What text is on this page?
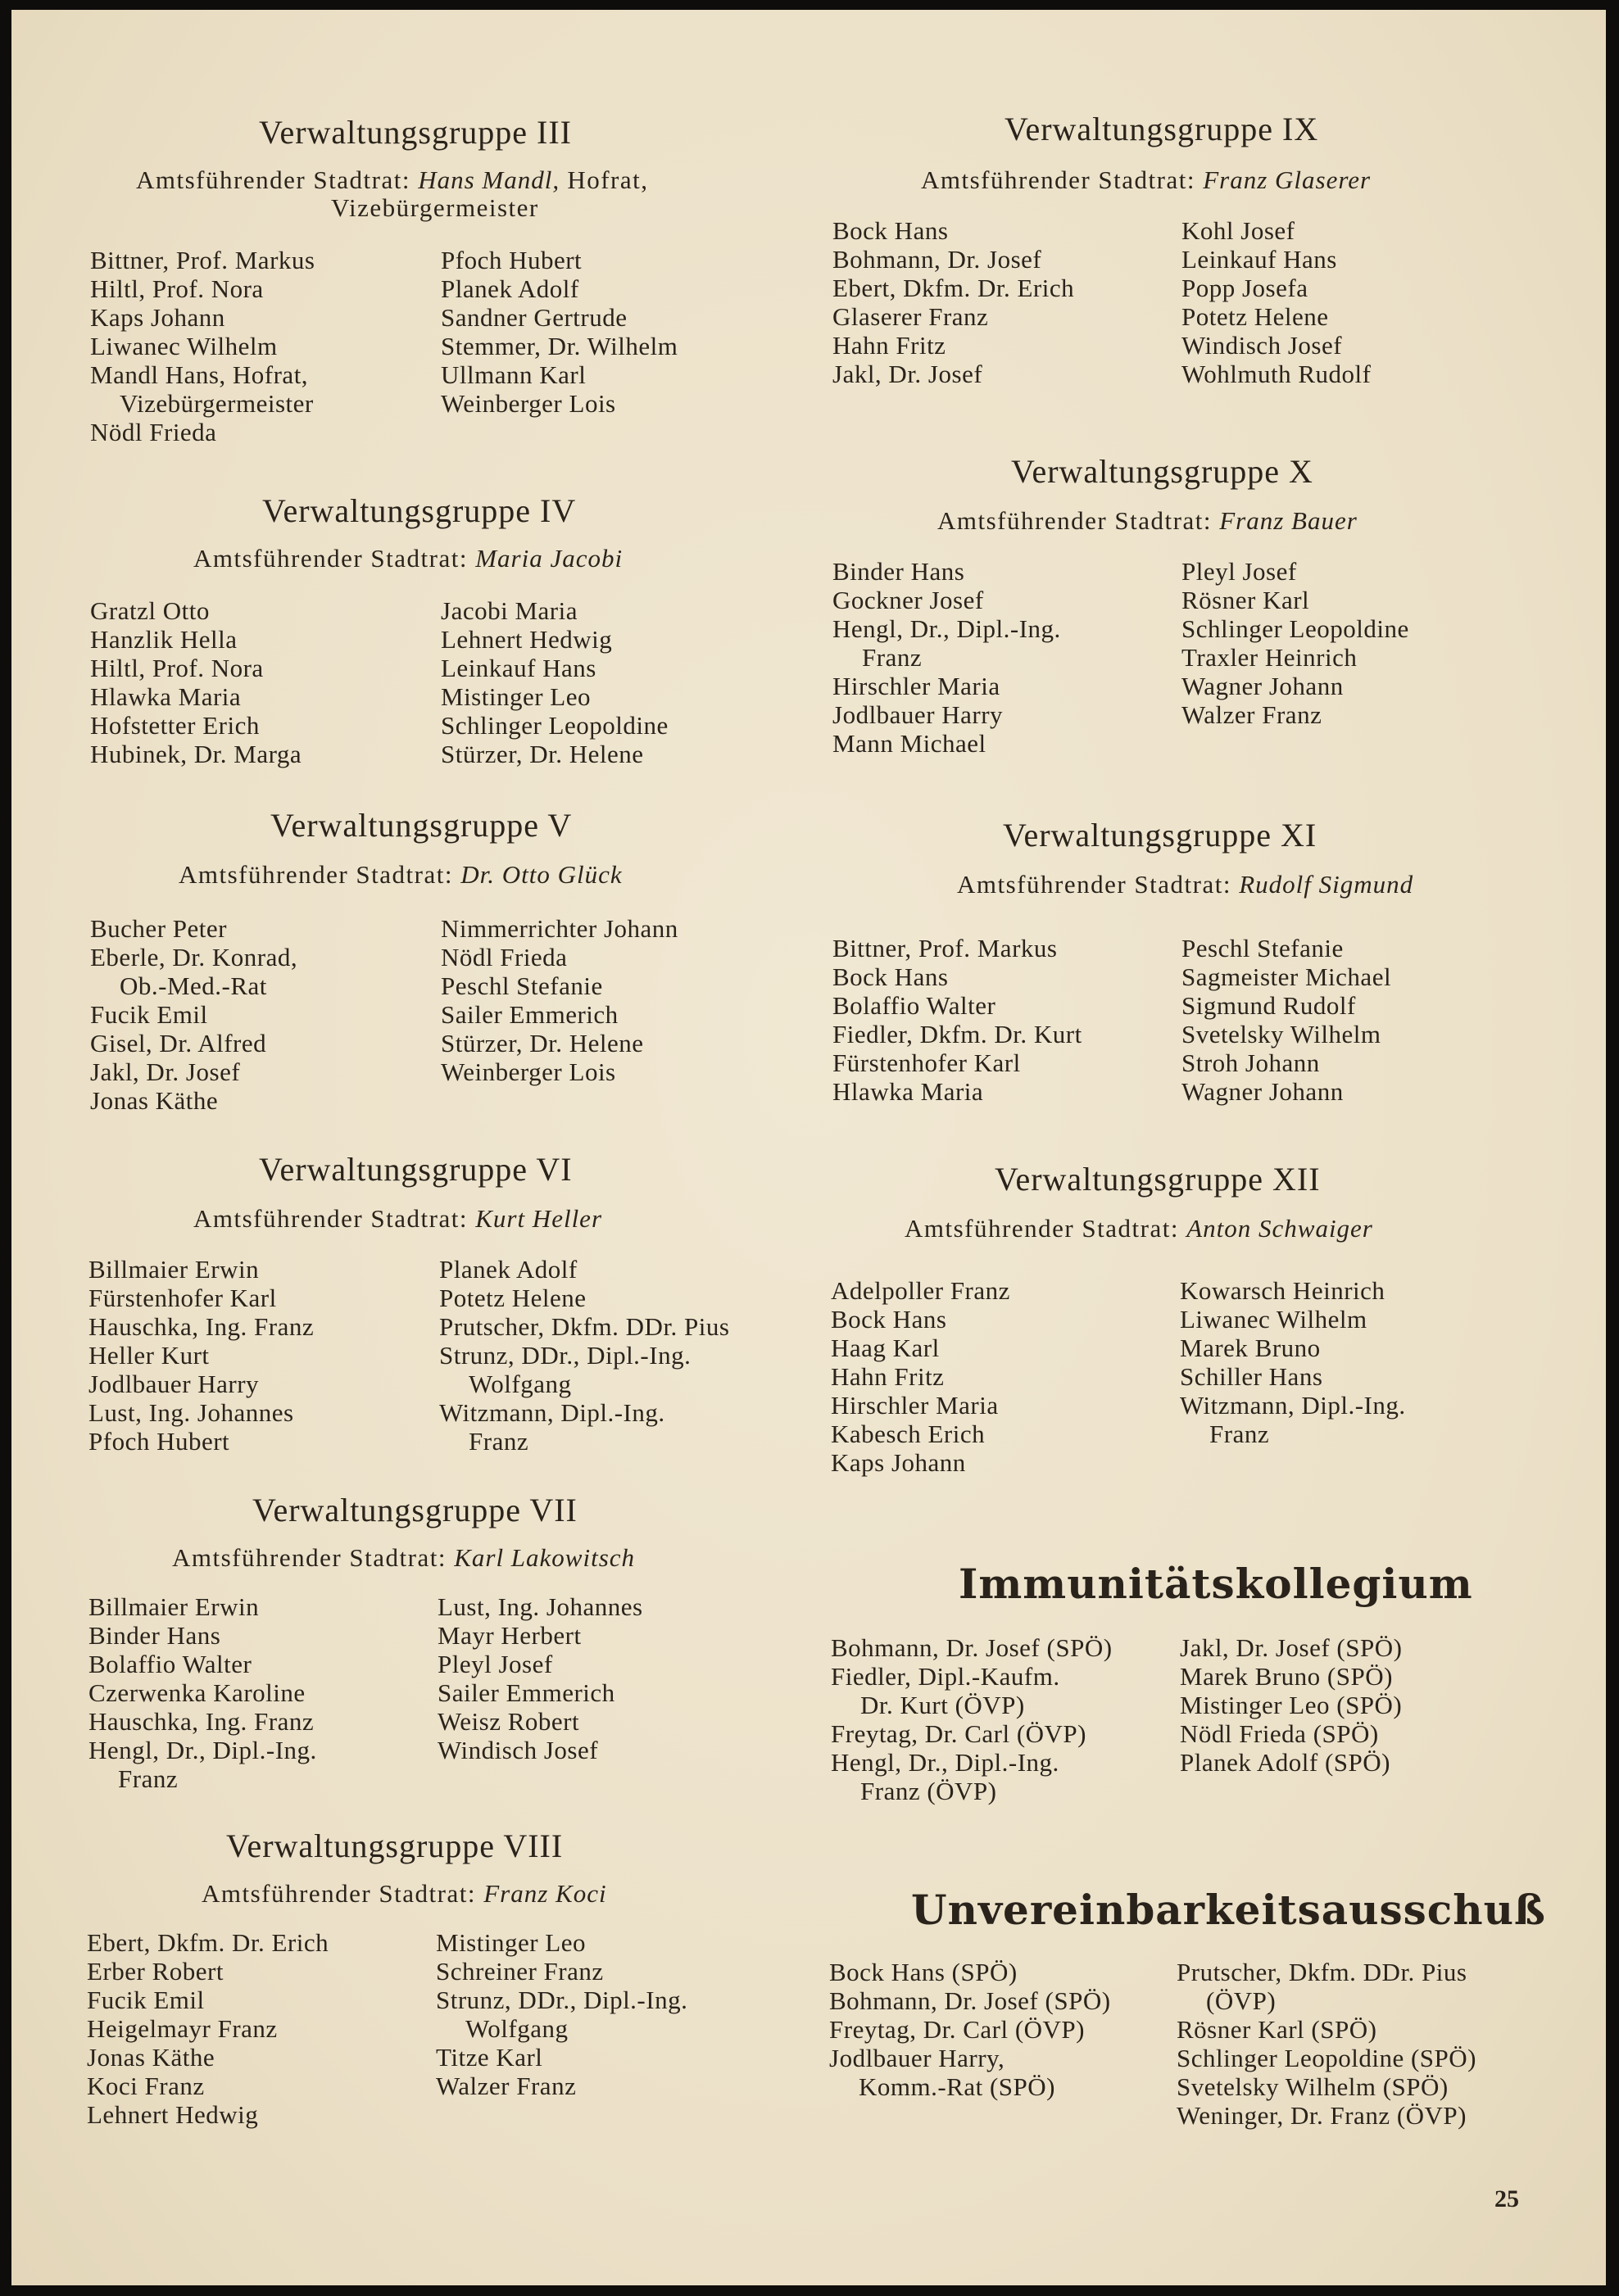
Verwaltungsgruppe III
Amtsführender Stadtrat: Hans Mandl, Hofrat,
Vizebürgermeister
Bittner, Prof. Markus
Hiltl, Prof. Nora
Kaps Johann
Liwanec Wilhelm
Mandl Hans, Hofrat,
Vizebürgermeister
Nödl Frieda
Pfoch Hubert
Planek Adolf
Sandner Gertrude
Stemmer, Dr. Wilhelm
Ullmann Karl
Weinberger Lois
Verwaltungsgruppe IV
Amtsführender Stadtrat: Maria Jacobi
Gratzl Otto
Hanzlik Hella
Hiltl, Prof. Nora
Hlawka Maria
Hofstetter Erich
Hubinek, Dr. Marga
Jacobi Maria
Lehnert Hedwig
Leinkauf Hans
Mistinger Leo
Schlinger Leopoldine
Stürzer, Dr. Helene
Verwaltungsgruppe V
Amtsführender Stadtrat: Dr. Otto Glück
Bucher Peter
Eberle, Dr. Konrad,
Ob.-Med.-Rat
Fucik Emil
Gisel, Dr. Alfred
Jakl, Dr. Josef
Jonas Käthe
Nimmerrichter Johann
Nödl Frieda
Peschl Stefanie
Sailer Emmerich
Stürzer, Dr. Helene
Weinberger Lois
Verwaltungsgruppe VI
Amtsführender Stadtrat: Kurt Heller
Billmaier Erwin
Fürstenhofer Karl
Hauschka, Ing. Franz
Heller Kurt
Jodlbauer Harry
Lust, Ing. Johannes
Pfoch Hubert
Planek Adolf
Potetz Helene
Prutscher, Dkfm. DDr. Pius
Strunz, DDr., Dipl.-Ing.
Wolfgang
Witzmann, Dipl.-Ing.
Franz
Verwaltungsgruppe VII
Amtsführender Stadtrat: Karl Lakowitsch
Billmaier Erwin
Binder Hans
Bolaffio Walter
Czerwenka Karoline
Hauschka, Ing. Franz
Hengl, Dr., Dipl.-Ing.
Franz
Lust, Ing. Johannes
Mayr Herbert
Pleyl Josef
Sailer Emmerich
Weisz Robert
Windisch Josef
Verwaltungsgruppe VIII
Amtsführender Stadtrat: Franz Koci
Ebert, Dkfm. Dr. Erich
Erber Robert
Fucik Emil
Heigelmayr Franz
Jonas Käthe
Koci Franz
Lehnert Hedwig
Mistinger Leo
Schreiner Franz
Strunz, DDr., Dipl.-Ing.
Wolfgang
Titze Karl
Walzer Franz
Verwaltungsgruppe IX
Amtsführender Stadtrat: Franz Glaserer
Bock Hans
Bohmann, Dr. Josef
Ebert, Dkfm. Dr. Erich
Glaserer Franz
Hahn Fritz
Jakl, Dr. Josef
Kohl Josef
Leinkauf Hans
Popp Josefa
Potetz Helene
Windisch Josef
Wohlmuth Rudolf
Verwaltungsgruppe X
Amtsführender Stadtrat: Franz Bauer
Binder Hans
Gockner Josef
Hengl, Dr., Dipl.-Ing.
Franz
Hirschler Maria
Jodlbauer Harry
Mann Michael
Pleyl Josef
Rösner Karl
Schlinger Leopoldine
Traxler Heinrich
Wagner Johann
Walzer Franz
Verwaltungsgruppe XI
Amtsführender Stadtrat: Rudolf Sigmund
Bittner, Prof. Markus
Bock Hans
Bolaffio Walter
Fiedler, Dkfm. Dr. Kurt
Fürstenhofer Karl
Hlawka Maria
Peschl Stefanie
Sagmeister Michael
Sigmund Rudolf
Svetelsky Wilhelm
Stroh Johann
Wagner Johann
Verwaltungsgruppe XII
Amtsführender Stadtrat: Anton Schwaiger
Adelpoller Franz
Bock Hans
Haag Karl
Hahn Fritz
Hirschler Maria
Kabesch Erich
Kaps Johann
Kowarsch Heinrich
Liwanec Wilhelm
Marek Bruno
Schiller Hans
Witzmann, Dipl.-Ing.
Franz
Immunitätskollegium
Bohmann, Dr. Josef (SPÖ)
Fiedler, Dipl.-Kaufm.
Dr. Kurt (ÖVP)
Freytag, Dr. Carl (ÖVP)
Hengl, Dr., Dipl.-Ing.
Franz (ÖVP)
Jakl, Dr. Josef (SPÖ)
Marek Bruno (SPÖ)
Mistinger Leo (SPÖ)
Nödl Frieda (SPÖ)
Planek Adolf (SPÖ)
Unvereinbarkeitsausschuß
Bock Hans (SPÖ)
Bohmann, Dr. Josef (SPÖ)
Freytag, Dr. Carl (ÖVP)
Jodlbauer Harry,
Komm.-Rat (SPÖ)
Prutscher, Dkfm. DDr. Pius
(ÖVP)
Rösner Karl (SPÖ)
Schlinger Leopoldine (SPÖ)
Svetelsky Wilhelm (SPÖ)
Weninger, Dr. Franz (ÖVP)
25
